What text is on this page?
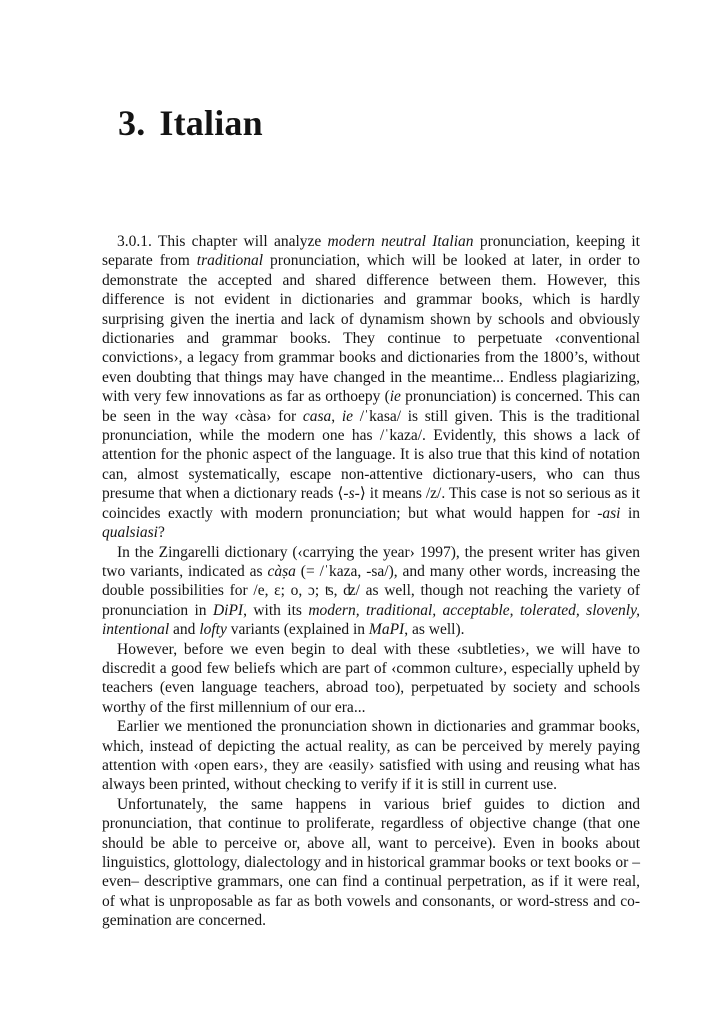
3. Italian

3.0.1. This chapter will analyze modern neutral Italian pronunciation, keeping it separate from traditional pronunciation, which will be looked at later, in order to demonstrate the accepted and shared difference between them. However, this difference is not evident in dictionaries and grammar books, which is hardly surprising given the inertia and lack of dynamism shown by schools and obviously dictionaries and grammar books. They continue to perpetuate ‹conventional convictions›, a legacy from grammar books and dictionaries from the 1800’s, without even doubting that things may have changed in the meantime... Endless plagiarizing, with very few innovations as far as orthoepy (ie pronunciation) is concerned. This can be seen in the way ‹càsa› for casa, ie /ˈkasa/ is still given. This is the traditional pronunciation, while the modern one has /ˈkaza/. Evidently, this shows a lack of attention for the phonic aspect of the language. It is also true that this kind of notation can, almost systematically, escape non-attentive dictionary-users, who can thus presume that when a dictionary reads ⟨-s-⟩ it means /z/. This case is not so serious as it coincides exactly with modern pronunciation; but what would happen for -asi in qualsiasi?

In the Zingarelli dictionary (‹carrying the year› 1997), the present writer has given two variants, indicated as càṣa (= /ˈkaza, -sa/), and many other words, increasing the double possibilities for /e, ɛ; o, ɔ; ʦ, ʣ/ as well, though not reaching the variety of pronunciation in DiPI, with its modern, traditional, acceptable, tolerated, slovenly, intentional and lofty variants (explained in MaPI, as well).

However, before we even begin to deal with these ‹subtleties›, we will have to discredit a good few beliefs which are part of ‹common culture›, especially upheld by teachers (even language teachers, abroad too), perpetuated by society and schools worthy of the first millennium of our era...

Earlier we mentioned the pronunciation shown in dictionaries and grammar books, which, instead of depicting the actual reality, as can be perceived by merely paying attention with ‹open ears›, they are ‹easily› satisfied with using and reusing what has always been printed, without checking to verify if it is still in current use.

Unfortunately, the same happens in various brief guides to diction and pronunciation, that continue to proliferate, regardless of objective change (that one should be able to perceive or, above all, want to perceive). Even in books about linguistics, glottology, dialectology and in historical grammar books or text books or –even– descriptive grammars, one can find a continual perpetration, as if it were real, of what is unproposable as far as both vowels and consonants, or word-stress and co-gemination are concerned.
